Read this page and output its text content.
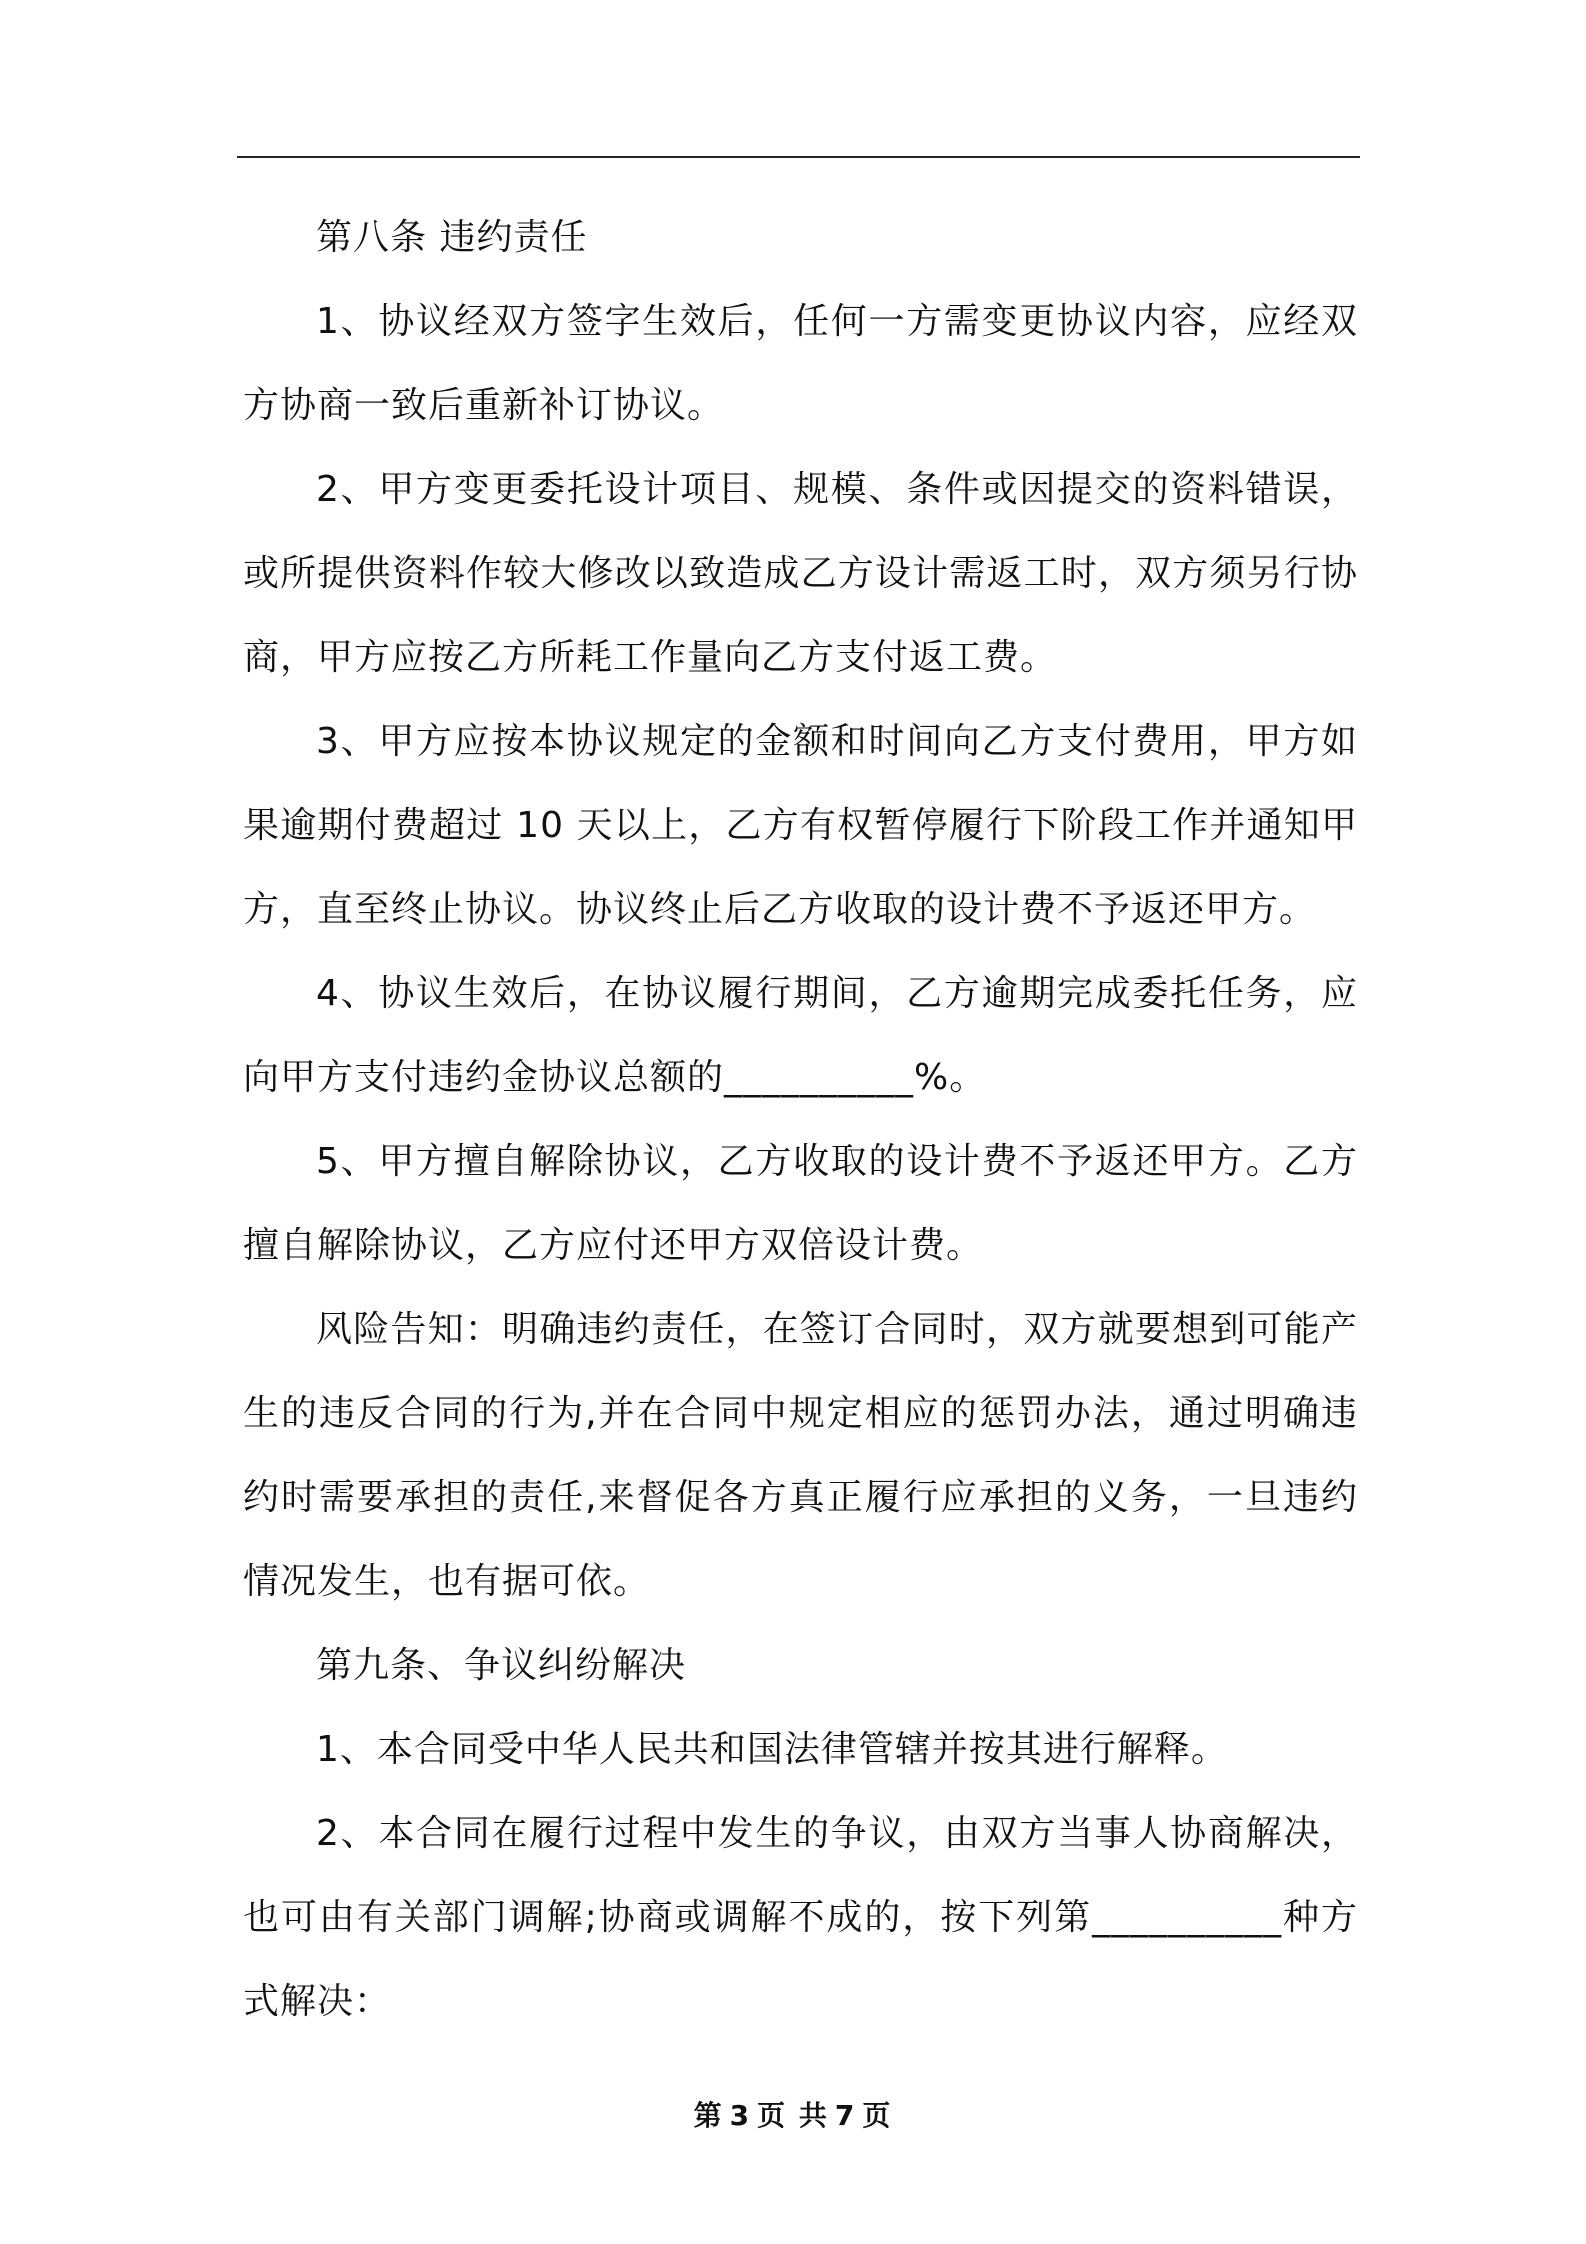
第八条 违约责任

1、协议经双方签字生效后，任何一方需变更协议内容，应经双方协商一致后重新补订协议。

2、甲方变更委托设计项目、规模、条件或因提交的资料错误，或所提供资料作较大修改以致造成乙方设计需返工时，双方须另行协商，甲方应按乙方所耗工作量向乙方支付返工费。

3、甲方应按本协议规定的金额和时间向乙方支付费用，甲方如果逾期付费超过 10 天以上，乙方有权暂停履行下阶段工作并通知甲方，直至终止协议。协议终止后乙方收取的设计费不予返还甲方。

4、协议生效后，在协议履行期间，乙方逾期完成委托任务，应向甲方支付违约金协议总额的__________%。

5、甲方擅自解除协议，乙方收取的设计费不予返还甲方。乙方擅自解除协议，乙方应付还甲方双倍设计费。

风险告知：明确违约责任，在签订合同时，双方就要想到可能产生的违反合同的行为,并在合同中规定相应的惩罚办法，通过明确违约时需要承担的责任,来督促各方真正履行应承担的义务，一旦违约情况发生，也有据可依。

第九条、争议纠纷解决

1、本合同受中华人民共和国法律管辖并按其进行解释。

2、本合同在履行过程中发生的争议，由双方当事人协商解决，也可由有关部门调解;协商或调解不成的，按下列第__________种方式解决：

第 3 页 共 7 页
